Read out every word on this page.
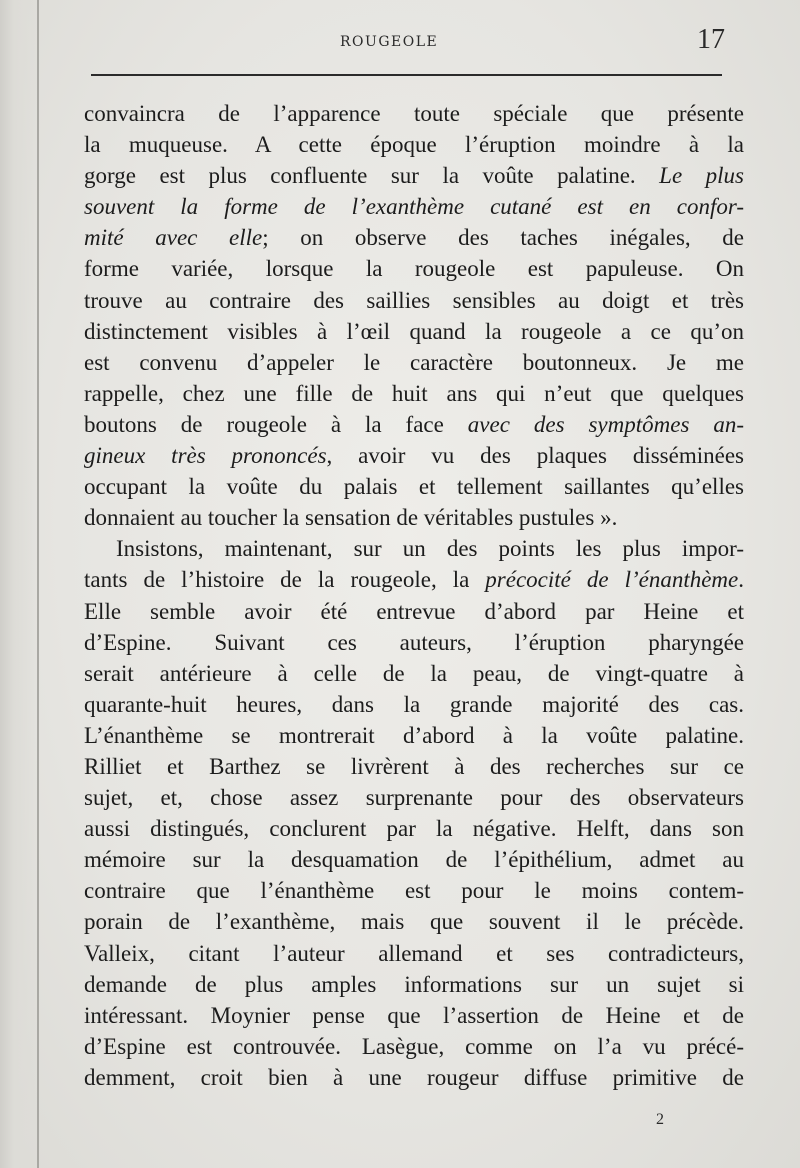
ROUGEOLE	17
convaincra de l’apparence toute spéciale que présente
la muqueuse. A cette époque l’éruption moindre à la
gorge est plus confluente sur la voûte palatine. Le plus
souvent la forme de l’exanthème cutané est en confor-
mité avec elle; on observe des taches inégales, de
forme variée, lorsque la rougeole est papuleuse. On
trouve au contraire des saillies sensibles au doigt et très
distinctement visibles à l’œil quand la rougeole a ce qu’on
est convenu d’appeler le caractère boutonneux. Je me
rappelle, chez une fille de huit ans qui n’eut que quelques
boutons de rougeole à la face avec des symptômes an-
gineux très prononcés, avoir vu des plaques disséminées
occupant la voûte du palais et tellement saillantes qu’elles
donnaient au toucher la sensation de véritables pustules ».
Insistons, maintenant, sur un des points les plus impor-
tants de l’histoire de la rougeole, la précocité de l’énanthème.
Elle semble avoir été entrevue d’abord par Heine et
d’Espine. Suivant ces auteurs, l’éruption pharyngée
serait antérieure à celle de la peau, de vingt-quatre à
quarante-huit heures, dans la grande majorité des cas.
L’énanthème se montrerait d’abord à la voûte palatine.
Rilliet et Barthez se livrèrent à des recherches sur ce
sujet, et, chose assez surprenante pour des observateurs
aussi distingués, conclurent par la négative. Helft, dans son
mémoire sur la desquamation de l’épithélium, admet au
contraire que l’énanthème est pour le moins contem-
porain de l’exanthème, mais que souvent il le précède.
Valleix, citant l’auteur allemand et ses contradicteurs,
demande de plus amples informations sur un sujet si
intéressant. Moynier pense que l’assertion de Heine et de
d’Espine est controuvée. Lasègue, comme on l’a vu précé-
demment, croit bien à une rougeur diffuse primitive de
2
